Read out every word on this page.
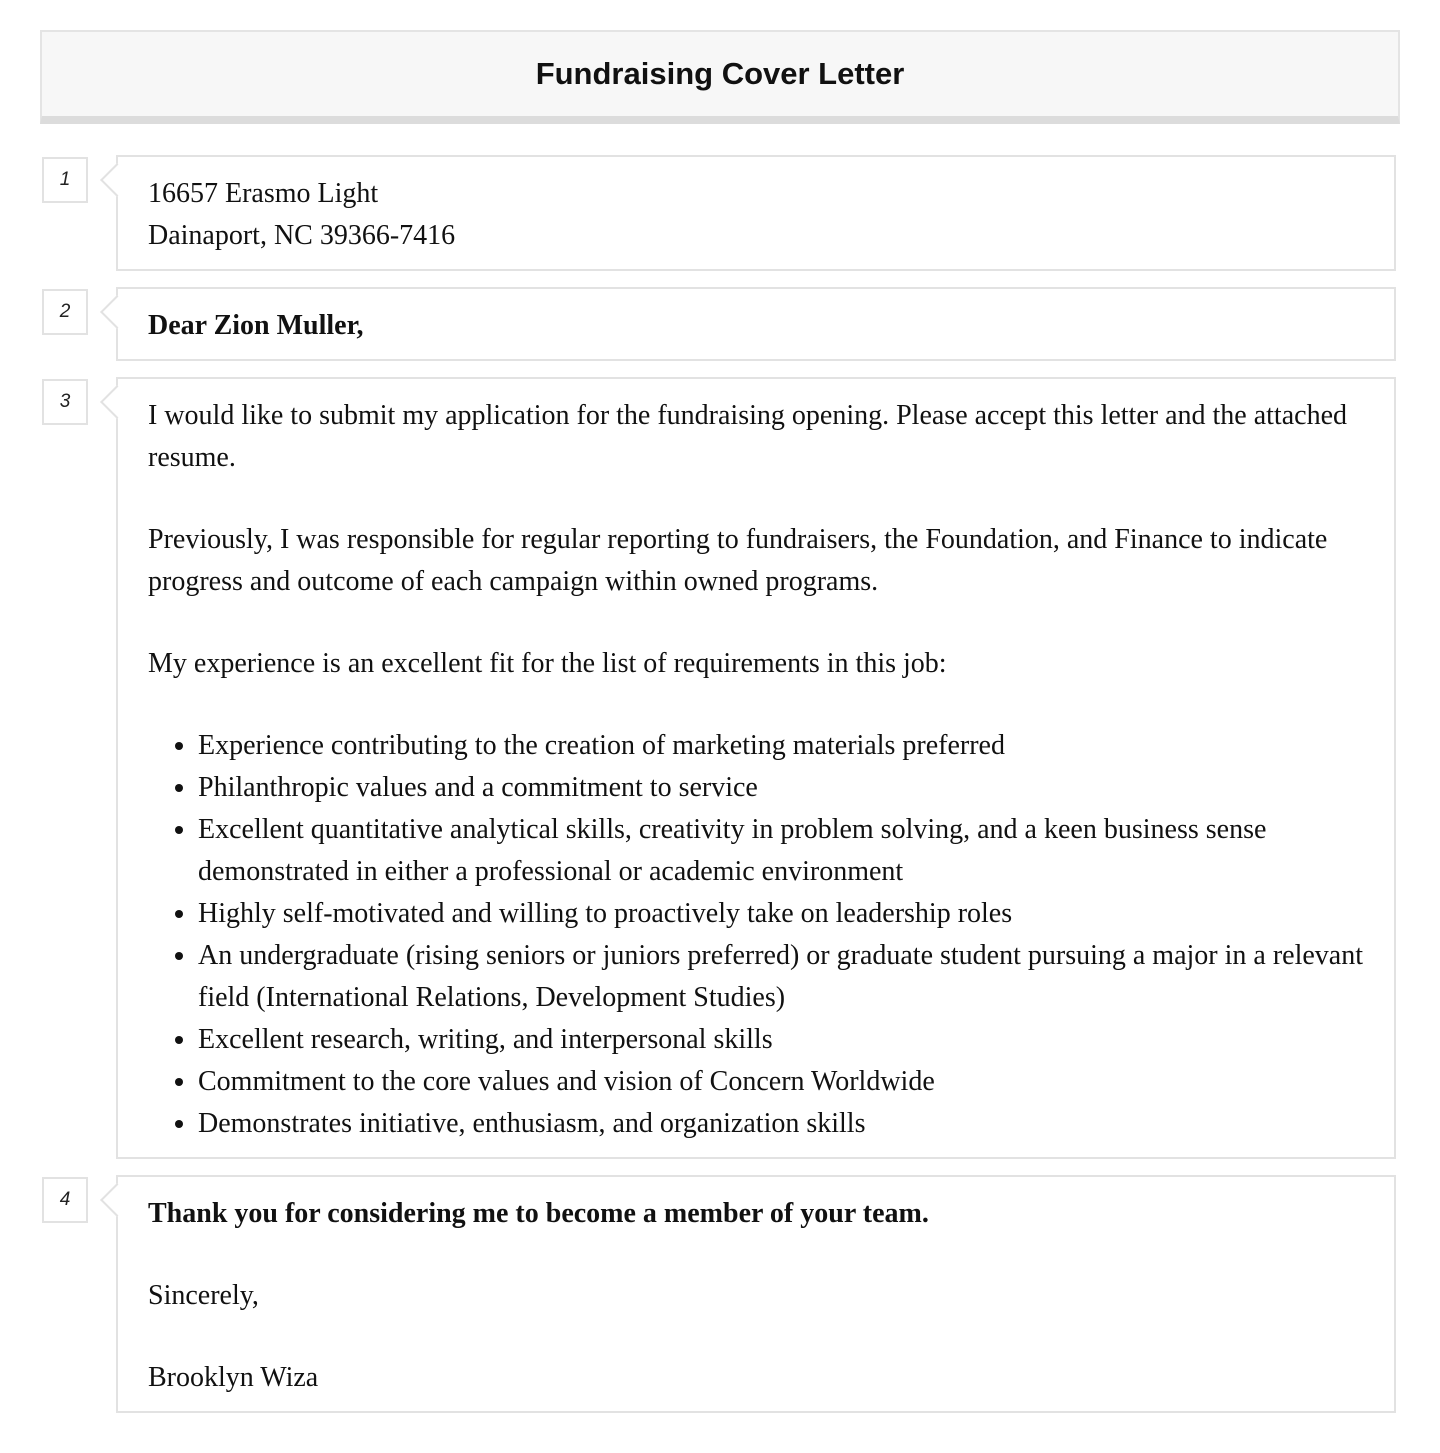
Fundraising Cover Letter
1	16657 Erasmo Light
Dainaport, NC 39366-7416
2	Dear Zion Muller,
3	I would like to submit my application for the fundraising opening. Please accept this letter and the attached resume.

Previously, I was responsible for regular reporting to fundraisers, the Foundation, and Finance to indicate progress and outcome of each campaign within owned programs.

My experience is an excellent fit for the list of requirements in this job:

• Experience contributing to the creation of marketing materials preferred
• Philanthropic values and a commitment to service
• Excellent quantitative analytical skills, creativity in problem solving, and a keen business sense demonstrated in either a professional or academic environment
• Highly self-motivated and willing to proactively take on leadership roles
• An undergraduate (rising seniors or juniors preferred) or graduate student pursuing a major in a relevant field (International Relations, Development Studies)
• Excellent research, writing, and interpersonal skills
• Commitment to the core values and vision of Concern Worldwide
• Demonstrates initiative, enthusiasm, and organization skills
4	Thank you for considering me to become a member of your team.

Sincerely,

Brooklyn Wiza
